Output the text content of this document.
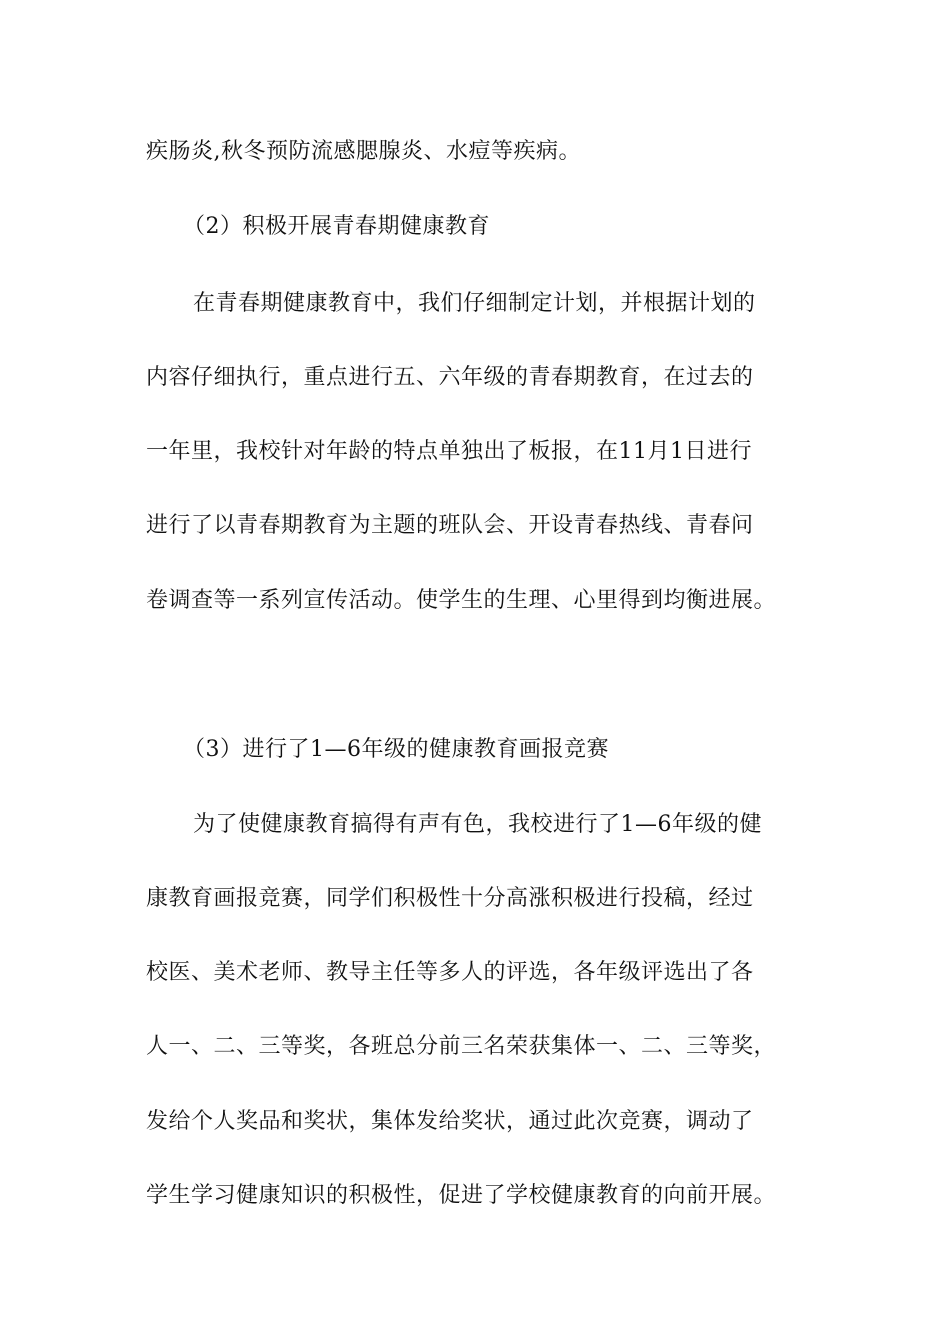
疾肠炎,秋冬预防流感腮腺炎、水痘等疾病。
（2）积极开展青春期健康教育
在青春期健康教育中，我们仔细制定计划，并根据计划的
内容仔细执行，重点进行五、六年级的青春期教育，在过去的
一年里，我校针对年龄的特点单独出了板报，在11月1日进行
进行了以青春期教育为主题的班队会、开设青春热线、青春问
卷调查等一系列宣传活动。使学生的生理、心里得到均衡进展。
（3）进行了1—6年级的健康教育画报竞赛
为了使健康教育搞得有声有色，我校进行了1—6年级的健
康教育画报竞赛，同学们积极性十分高涨积极进行投稿，经过
校医、美术老师、教导主任等多人的评选，各年级评选出了各
人一、二、三等奖，各班总分前三名荣获集体一、二、三等奖，
发给个人奖品和奖状，集体发给奖状，通过此次竞赛，调动了
学生学习健康知识的积极性，促进了学校健康教育的向前开展。
